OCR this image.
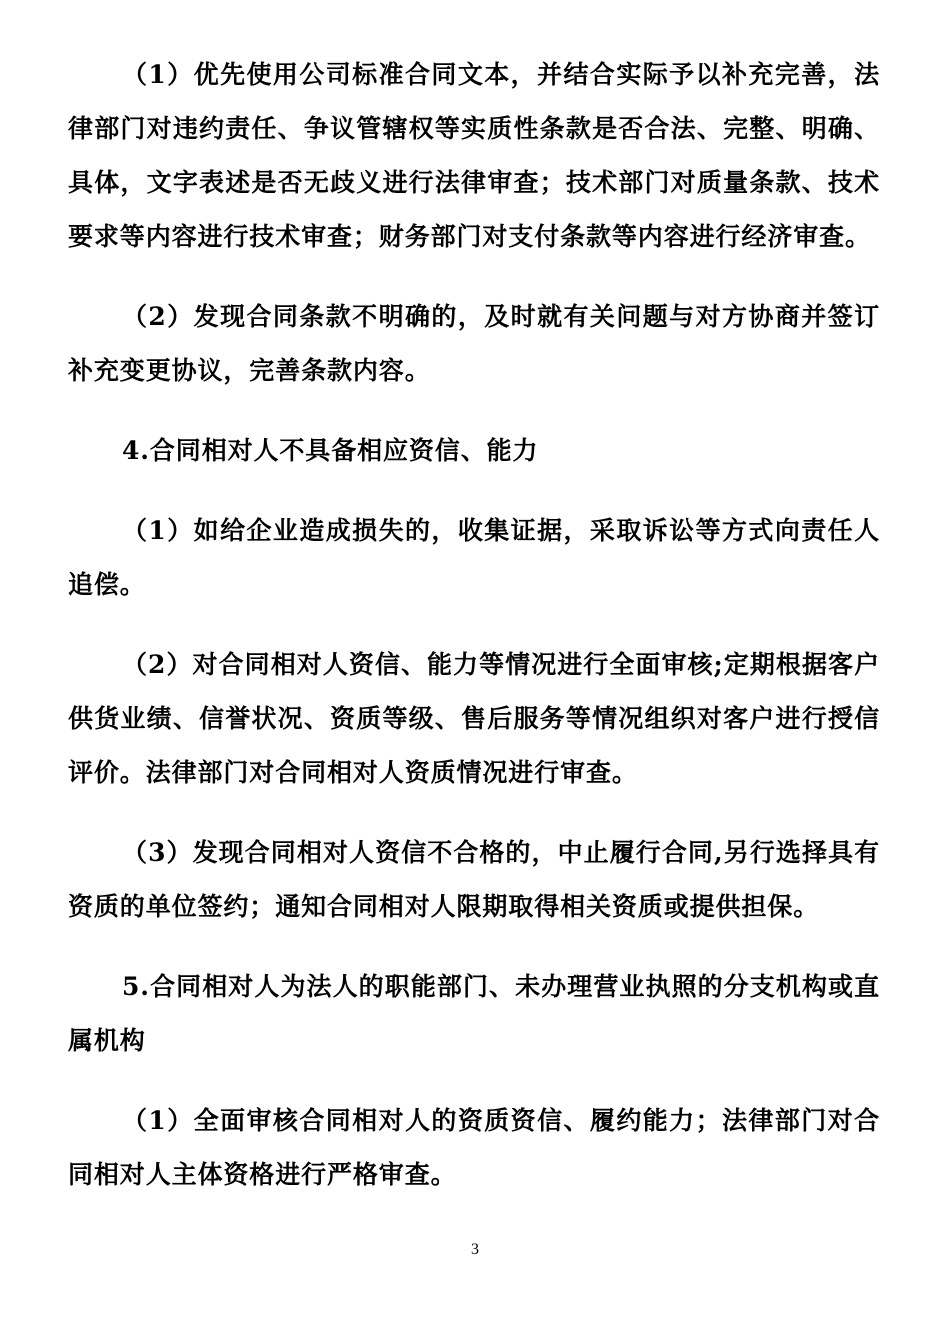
（1）优先使用公司标准合同文本，并结合实际予以补充完善，法律部门对违约责任、争议管辖权等实质性条款是否合法、完整、明确、具体，文字表述是否无歧义进行法律审查；技术部门对质量条款、技术要求等内容进行技术审查；财务部门对支付条款等内容进行经济审查。

（2）发现合同条款不明确的，及时就有关问题与对方协商并签订补充变更协议，完善条款内容。

4.合同相对人不具备相应资信、能力

（1）如给企业造成损失的，收集证据，采取诉讼等方式向责任人追偿。

（2）对合同相对人资信、能力等情况进行全面审核;定期根据客户供货业绩、信誉状况、资质等级、售后服务等情况组织对客户进行授信评价。法律部门对合同相对人资质情况进行审查。

（3）发现合同相对人资信不合格的，中止履行合同,另行选择具有资质的单位签约；通知合同相对人限期取得相关资质或提供担保。

5.合同相对人为法人的职能部门、未办理营业执照的分支机构或直属机构

（1）全面审核合同相对人的资质资信、履约能力；法律部门对合同相对人主体资格进行严格审查。

3
